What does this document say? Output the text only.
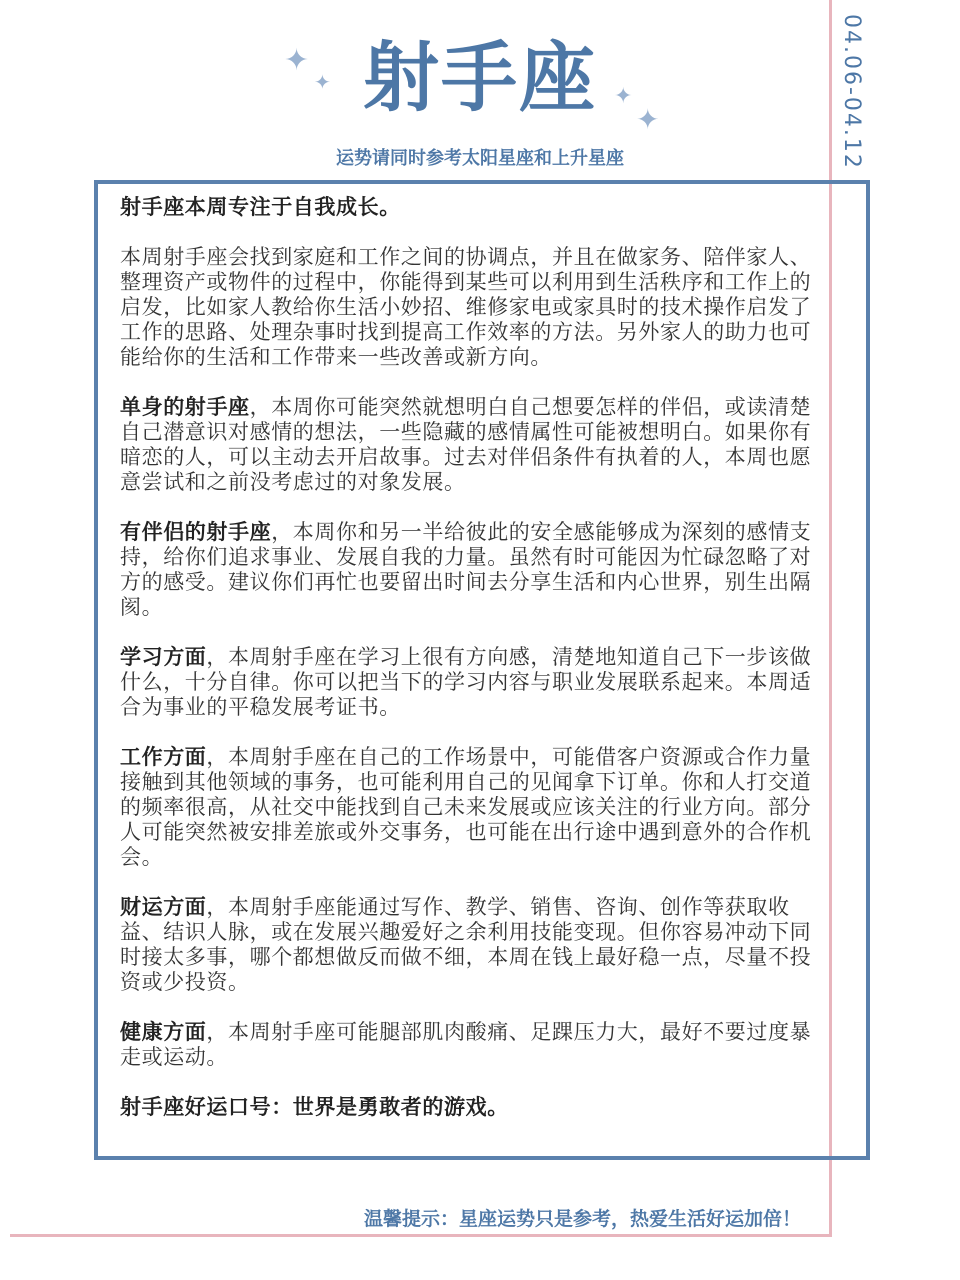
✦
✦
✦
✦
射手座
运势请同时参考太阳星座和上升星座	04.06-04.12

射手座本周专注于自我成长。

本周射手座会找到家庭和工作之间的协调点，并且在做家务、陪伴家人、整理资产或物件的过程中，你能得到某些可以利用到生活秩序和工作上的启发，比如家人教给你生活小妙招、维修家电或家具时的技术操作启发了工作的思路、处理杂事时找到提高工作效率的方法。另外家人的助力也可能给你的生活和工作带来一些改善或新方向。

单身的射手座，本周你可能突然就想明白自己想要怎样的伴侣，或读清楚自己潜意识对感情的想法，一些隐藏的感情属性可能被想明白。如果你有暗恋的人，可以主动去开启故事。过去对伴侣条件有执着的人，本周也愿意尝试和之前没考虑过的对象发展。

有伴侣的射手座，本周你和另一半给彼此的安全感能够成为深刻的感情支持，给你们追求事业、发展自我的力量。虽然有时可能因为忙碌忽略了对方的感受。建议你们再忙也要留出时间去分享生活和内心世界，别生出隔阂。

学习方面，本周射手座在学习上很有方向感，清楚地知道自己下一步该做什么，十分自律。你可以把当下的学习内容与职业发展联系起来。本周适合为事业的平稳发展考证书。

工作方面，本周射手座在自己的工作场景中，可能借客户资源或合作力量接触到其他领域的事务，也可能利用自己的见闻拿下订单。你和人打交道的频率很高，从社交中能找到自己未来发展或应该关注的行业方向。部分人可能突然被安排差旅或外交事务，也可能在出行途中遇到意外的合作机会。

财运方面，本周射手座能通过写作、教学、销售、咨询、创作等获取收益、结识人脉，或在发展兴趣爱好之余利用技能变现。但你容易冲动下同时接太多事，哪个都想做反而做不细，本周在钱上最好稳一点，尽量不投资或少投资。

健康方面，本周射手座可能腿部肌肉酸痛、足踝压力大，最好不要过度暴走或运动。

射手座好运口号：世界是勇敢者的游戏。

温馨提示：星座运势只是参考，热爱生活好运加倍！
